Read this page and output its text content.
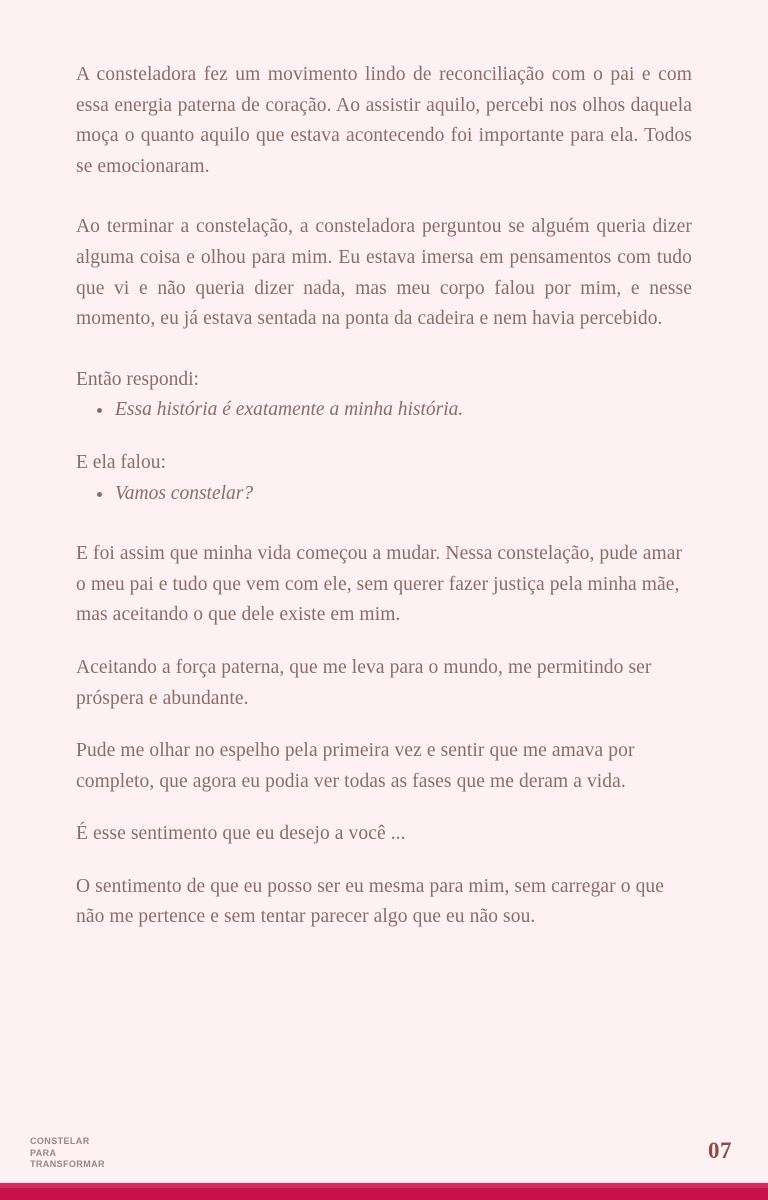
A consteladora fez um movimento lindo de reconciliação com o pai e com essa energia paterna de coração. Ao assistir aquilo, percebi nos olhos daquela moça o quanto aquilo que estava acontecendo foi importante para ela. Todos se emocionaram.

Ao terminar a constelação, a consteladora perguntou se alguém queria dizer alguma coisa e olhou para mim. Eu estava imersa em pensamentos com tudo que vi e não queria dizer nada, mas meu corpo falou por mim, e nesse momento, eu já estava sentada na ponta da cadeira e nem havia percebido.

Então respondi:

Essa história é exatamente a minha história.

E ela falou:

Vamos constelar?

E foi assim que minha vida começou a mudar. Nessa constelação, pude amar o meu pai e tudo que vem com ele, sem querer fazer justiça pela minha mãe, mas aceitando o que dele existe em mim.

Aceitando a força paterna, que me leva para o mundo, me permitindo ser próspera e abundante.

Pude me olhar no espelho pela primeira vez e sentir que me amava por completo, que agora eu podia ver todas as fases que me deram a vida.

É esse sentimento que eu desejo a você ...

O sentimento de que eu posso ser eu mesma para mim, sem carregar o que não me pertence e sem tentar parecer algo que eu não sou.

CONSTELAR
PARA
TRANSFORMAR
07
